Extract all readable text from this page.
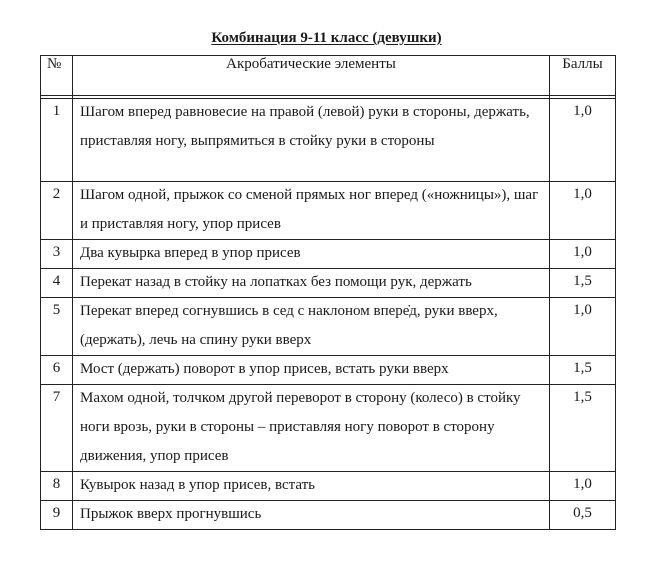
Комбинация 9-11 класс (девушки)
№	Акробатические элементы	Баллы

1	Шагом вперед равновесие на правой (левой) руки в стороны, держать, приставляя ногу, выпрямиться в стойку руки в стороны	1,0
2	Шагом одной, прыжок со сменой прямых ног вперед («ножницы»), шаг и приставляя ногу, упор присев	1,0
3	Два кувырка вперед в упор присев	1,0
4	Перекат назад в стойку на лопатках без помощи рук, держать	1,5
5	Перекат вперед согнувшись в сед с наклоном впере̇д, руки вверх, (держать), лечь на спину руки вверх	1,0
6	Мост (держать) поворот в упор присев, встать руки вверх	1,5
7	Махом одной, толчком другой переворот в сторону (колесо) в стойку ноги врозь, руки в стороны – приставляя ногу поворот в сторону движения, упор присев	1,5
8	Кувырок назад в упор присев, встать	1,0
9	Прыжок вверх прогнувшись	0,5
